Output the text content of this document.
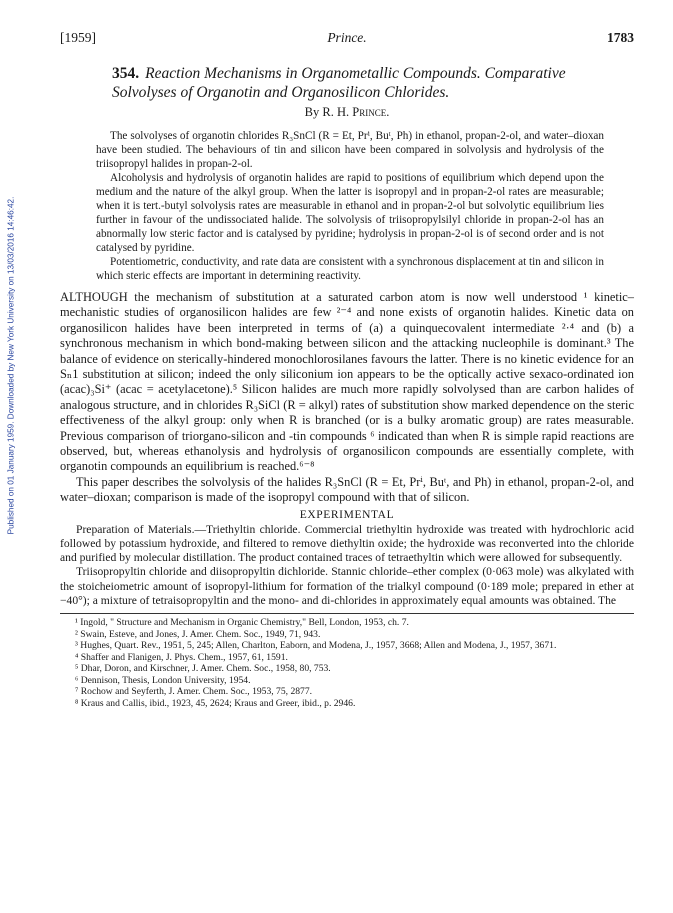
Published on 01 January 1959. Downloaded by New York University on 13/03/2016 14:46:42.
[1959]	Prince.	1783
354. Reaction Mechanisms in Organometallic Compounds. Comparative Solvolyses of Organotin and Organosilicon Chlorides.
By R. H. Prince.

The solvolyses of organotin chlorides R₃SnCl (R = Et, Prⁱ, Buᵗ, Ph) in ethanol, propan-2-ol, and water–dioxan have been studied. The behaviours of tin and silicon have been compared in solvolysis and hydrolysis of the triisopropyl halides in propan-2-ol.

Alcoholysis and hydrolysis of organotin halides are rapid to positions of equilibrium which depend upon the medium and the nature of the alkyl group. When the latter is isopropyl and in propan-2-ol rates are measurable; when it is tert.-butyl solvolysis rates are measurable in ethanol and in propan-2-ol but solvolytic equilibrium lies further in favour of the undissociated halide. The solvolysis of triisopropylsilyl chloride in propan-2-ol has an abnormally low steric factor and is catalysed by pyridine; hydrolysis in propan-2-ol is of second order and is not catalysed by pyridine.

Potentiometric, conductivity, and rate data are consistent with a synchronous displacement at tin and silicon in which steric effects are important in determining reactivity.

ALTHOUGH the mechanism of substitution at a saturated carbon atom is now well understood ¹ kinetic–mechanistic studies of organosilicon halides are few ²⁻⁴ and none exists of organotin halides. Kinetic data on organosilicon halides have been interpreted in terms of (a) a quinquecovalent intermediate ²·⁴ and (b) a synchronous mechanism in which bond-making between silicon and the attacking nucleophile is dominant.³ The balance of evidence on sterically-hindered monochlorosilanes favours the latter. There is no kinetic evidence for an Sₙ1 substitution at silicon; indeed the only siliconium ion appears to be the optically active sexaco-ordinated ion (acac)₃Si⁺ (acac = acetylacetone).⁵ Silicon halides are much more rapidly solvolysed than are carbon halides of analogous structure, and in chlorides R₃SiCl (R = alkyl) rates of substitution show marked dependence on the steric effectiveness of the alkyl group: only when R is branched (or is a bulky aromatic group) are rates measurable. Previous comparison of triorgano-silicon and -tin compounds ⁶ indicated than when R is simple rapid reactions are observed, but, whereas ethanolysis and hydrolysis of organosilicon compounds are essentially complete, with organotin compounds an equilibrium is reached.⁶⁻⁸

This paper describes the solvolysis of the halides R₃SnCl (R = Et, Prⁱ, Buᵗ, and Ph) in ethanol, propan-2-ol, and water–dioxan; comparison is made of the isopropyl compound with that of silicon.

EXPERIMENTAL

Preparation of Materials.—Triethyltin chloride. Commercial triethyltin hydroxide was treated with hydrochloric acid followed by potassium hydroxide, and filtered to remove diethyltin oxide; the hydroxide was reconverted into the chloride and purified by molecular distillation. The product contained traces of tetraethyltin which were allowed for subsequently.

Triisopropyltin chloride and diisopropyltin dichloride. Stannic chloride–ether complex (0·063 mole) was alkylated with the stoicheiometric amount of isopropyl-lithium for formation of the trialkyl compound (0·189 mole; prepared in ether at −40°); a mixture of tetraisopropyltin and the mono- and di-chlorides in approximately equal amounts was obtained. The

¹ Ingold, " Structure and Mechanism in Organic Chemistry," Bell, London, 1953, ch. 7.
² Swain, Esteve, and Jones, J. Amer. Chem. Soc., 1949, 71, 943.
³ Hughes, Quart. Rev., 1951, 5, 245; Allen, Charlton, Eaborn, and Modena, J., 1957, 3668; Allen and Modena, J., 1957, 3671.
⁴ Shaffer and Flanigen, J. Phys. Chem., 1957, 61, 1591.
⁵ Dhar, Doron, and Kirschner, J. Amer. Chem. Soc., 1958, 80, 753.
⁶ Dennison, Thesis, London University, 1954.
⁷ Rochow and Seyferth, J. Amer. Chem. Soc., 1953, 75, 2877.
⁸ Kraus and Callis, ibid., 1923, 45, 2624; Kraus and Greer, ibid., p. 2946.
